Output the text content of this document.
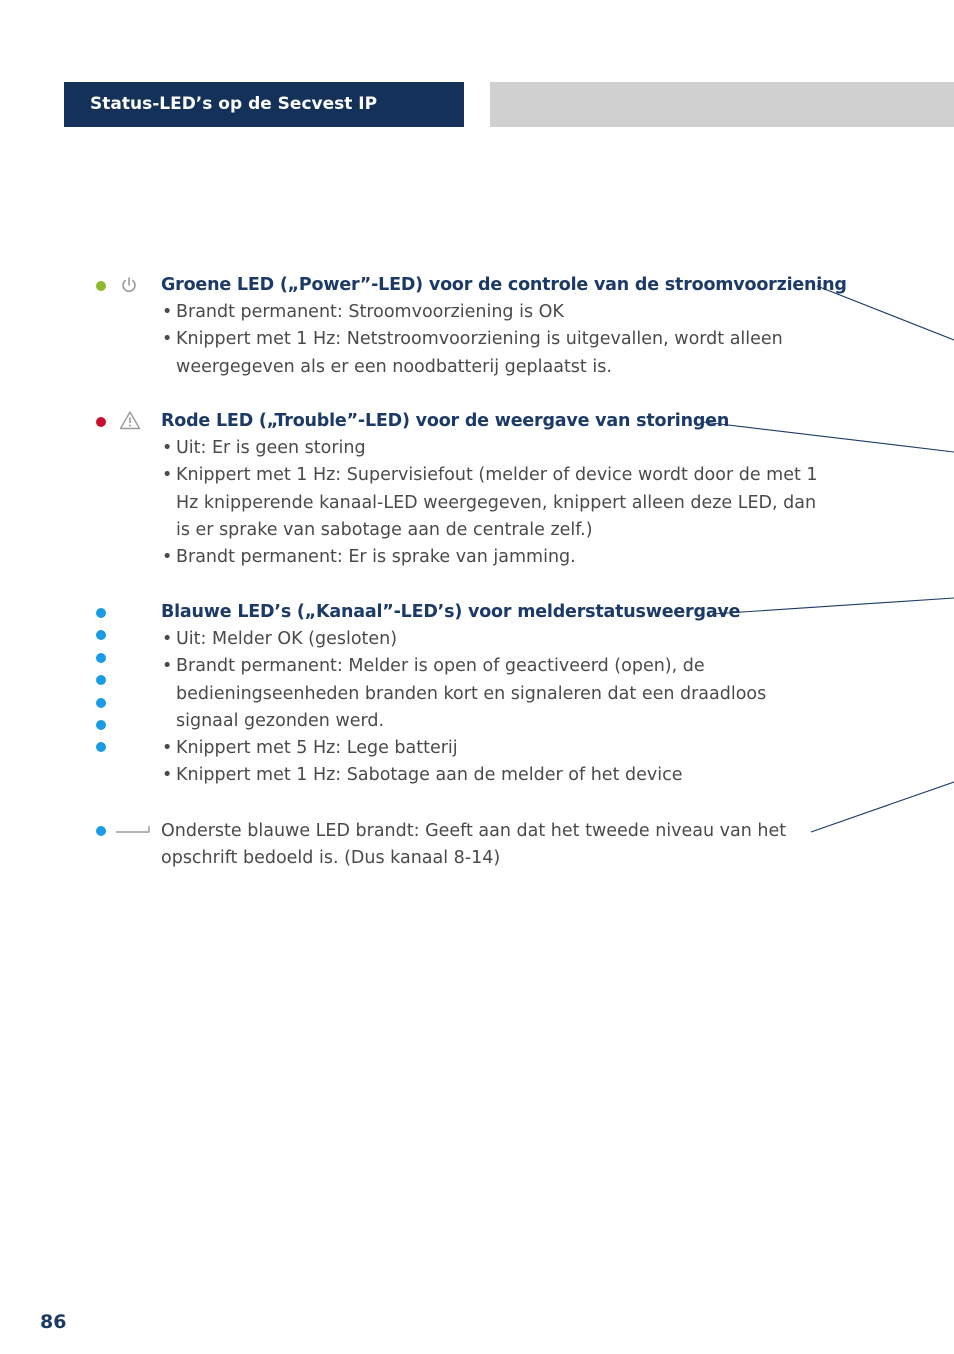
Status-LED’s op de Secvest IP
Groene LED („Power”-LED) voor de controle van de stroomvoorziening
• Brandt permanent: Stroomvoorziening is OK
• Knippert met 1 Hz: Netstroomvoorziening is uitgevallen, wordt alleen weergegeven als er een noodbatterij geplaatst is.
Rode LED („Trouble”-LED) voor de weergave van storingen
• Uit: Er is geen storing
• Knippert met 1 Hz: Supervisiefout (melder of device wordt door de met 1 Hz knipperende kanaal-LED weergegeven, knippert alleen deze LED, dan is er sprake van sabotage aan de centrale zelf.)
• Brandt permanent: Er is sprake van jamming.
Blauwe LED’s („Kanaal”-LED’s) voor melderstatusweergave
• Uit: Melder OK (gesloten)
• Brandt permanent: Melder is open of geactiveerd (open), de bedieningseenheden branden kort en signaleren dat een draadloos signaal gezonden werd.
• Knippert met 5 Hz: Lege batterij
• Knippert met 1 Hz: Sabotage aan de melder of het device
Onderste blauwe LED brandt: Geeft aan dat het tweede niveau van het opschrift bedoeld is. (Dus kanaal 8-14)
86
